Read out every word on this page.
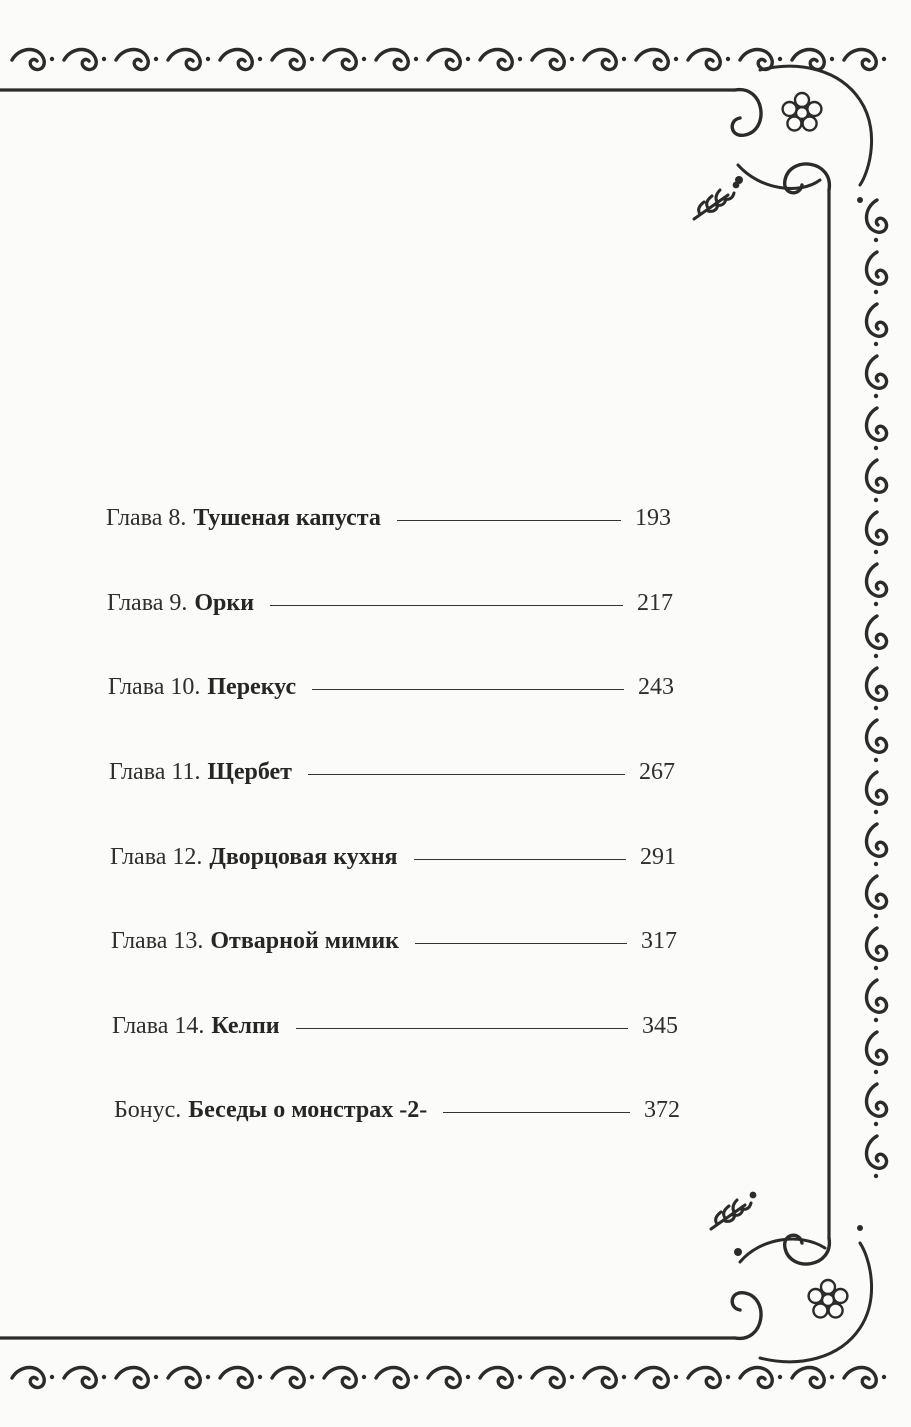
Глава 8. Тушеная капуста	193
Глава 9. Орки	217
Глава 10. Перекус	243
Глава 11. Щербет	267
Глава 12. Дворцовая кухня	291
Глава 13. Отварной мимик	317
Глава 14. Келпи	345
Бонус. Беседы о монстрах -2-	372
